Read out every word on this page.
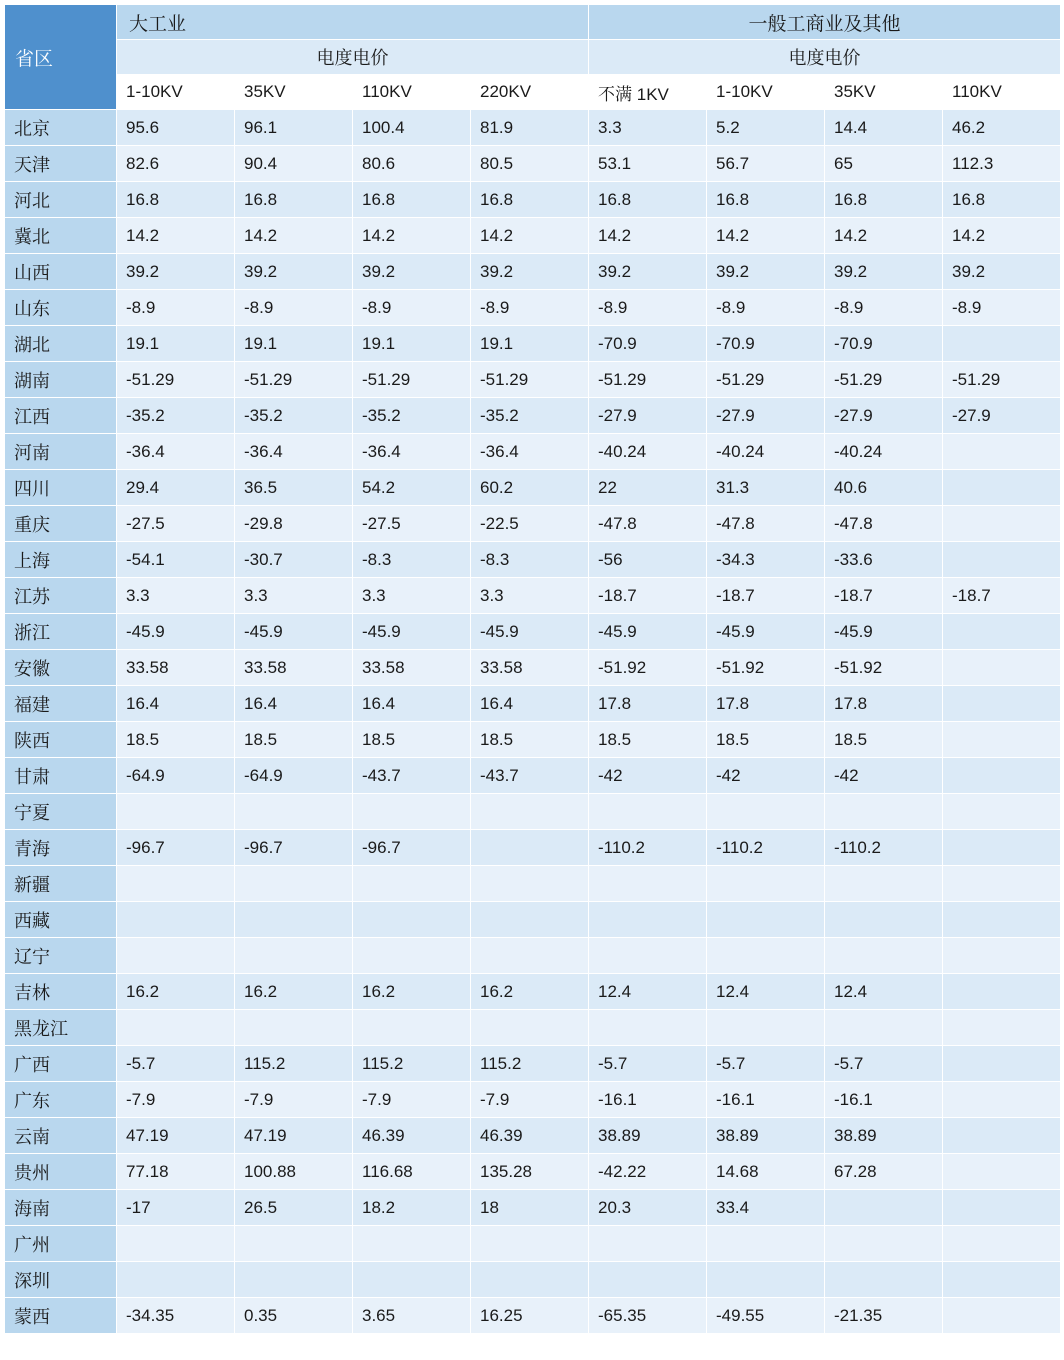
省区	大工业				一般工商业及其他			
	电度电价				电度电价			
	1-10KV	35KV	110KV	220KV	不满 1KV	1-10KV	35KV	110KV
北京	95.6	96.1	100.4	81.9	3.3	5.2	14.4	46.2
天津	82.6	90.4	80.6	80.5	53.1	56.7	65	112.3
河北	16.8	16.8	16.8	16.8	16.8	16.8	16.8	16.8
冀北	14.2	14.2	14.2	14.2	14.2	14.2	14.2	14.2
山西	39.2	39.2	39.2	39.2	39.2	39.2	39.2	39.2
山东	-8.9	-8.9	-8.9	-8.9	-8.9	-8.9	-8.9	-8.9
湖北	19.1	19.1	19.1	19.1	-70.9	-70.9	-70.9	
湖南	-51.29	-51.29	-51.29	-51.29	-51.29	-51.29	-51.29	-51.29
江西	-35.2	-35.2	-35.2	-35.2	-27.9	-27.9	-27.9	-27.9
河南	-36.4	-36.4	-36.4	-36.4	-40.24	-40.24	-40.24	
四川	29.4	36.5	54.2	60.2	22	31.3	40.6	
重庆	-27.5	-29.8	-27.5	-22.5	-47.8	-47.8	-47.8	
上海	-54.1	-30.7	-8.3	-8.3	-56	-34.3	-33.6	
江苏	3.3	3.3	3.3	3.3	-18.7	-18.7	-18.7	-18.7
浙江	-45.9	-45.9	-45.9	-45.9	-45.9	-45.9	-45.9	
安徽	33.58	33.58	33.58	33.58	-51.92	-51.92	-51.92	
福建	16.4	16.4	16.4	16.4	17.8	17.8	17.8	
陕西	18.5	18.5	18.5	18.5	18.5	18.5	18.5	
甘肃	-64.9	-64.9	-43.7	-43.7	-42	-42	-42	
宁夏								
青海	-96.7	-96.7	-96.7		-110.2	-110.2	-110.2	
新疆								
西藏								
辽宁								
吉林	16.2	16.2	16.2	16.2	12.4	12.4	12.4	
黑龙江								
广西	-5.7	115.2	115.2	115.2	-5.7	-5.7	-5.7	
广东	-7.9	-7.9	-7.9	-7.9	-16.1	-16.1	-16.1	
云南	47.19	47.19	46.39	46.39	38.89	38.89	38.89	
贵州	77.18	100.88	116.68	135.28	-42.22	14.68	67.28	
海南	-17	26.5	18.2	18	20.3	33.4		
广州								
深圳								
蒙西	-34.35	0.35	3.65	16.25	-65.35	-49.55	-21.35	
